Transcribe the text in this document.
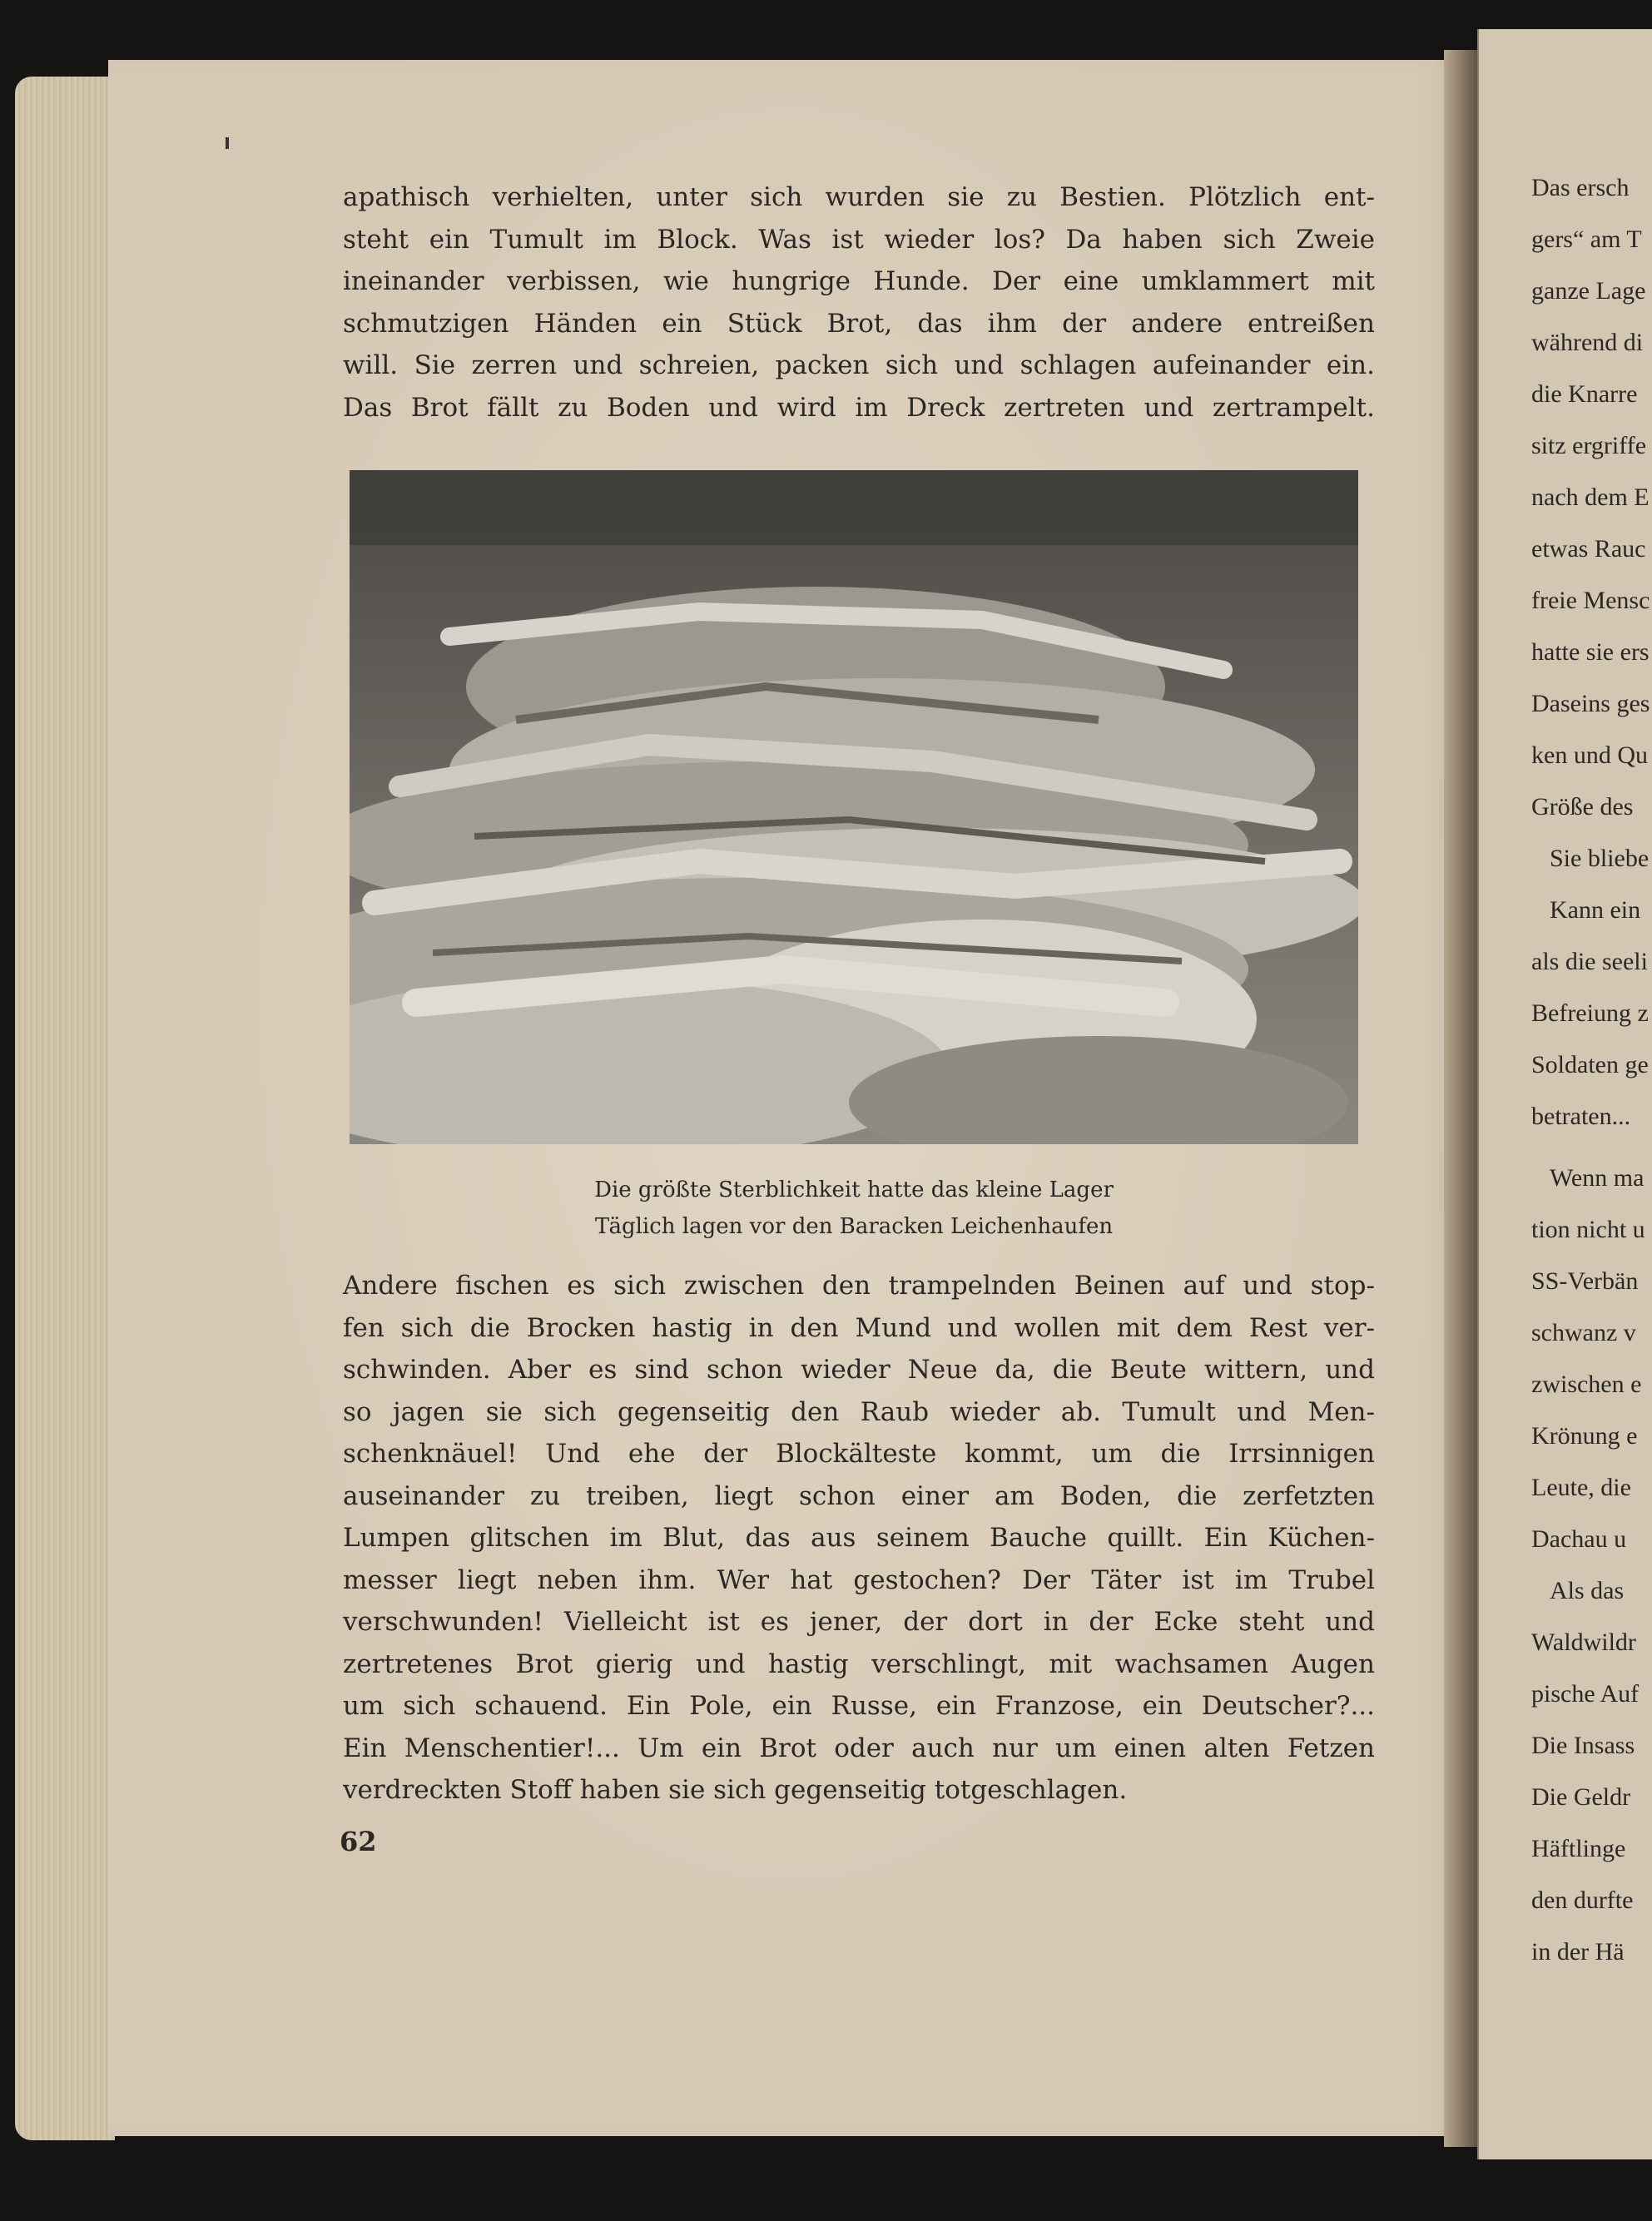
apathisch verhielten, unter sich wurden sie zu Bestien. Plötzlich ent-
steht ein Tumult im Block. Was ist wieder los? Da haben sich Zweie
ineinander verbissen, wie hungrige Hunde. Der eine umklammert mit
schmutzigen Händen ein Stück Brot, das ihm der andere entreißen
will. Sie zerren und schreien, packen sich und schlagen aufeinander ein.
Das Brot fällt zu Boden und wird im Dreck zertreten und zertrampelt.

Die größte Sterblichkeit hatte das kleine Lager
Täglich lagen vor den Baracken Leichenhaufen

Andere fischen es sich zwischen den trampelnden Beinen auf und stop-
fen sich die Brocken hastig in den Mund und wollen mit dem Rest ver-
schwinden. Aber es sind schon wieder Neue da, die Beute wittern, und
so jagen sie sich gegenseitig den Raub wieder ab. Tumult und Men-
schenknäuel! Und ehe der Blockälteste kommt, um die Irrsinnigen
auseinander zu treiben, liegt schon einer am Boden, die zerfetzten
Lumpen glitschen im Blut, das aus seinem Bauche quillt. Ein Küchen-
messer liegt neben ihm. Wer hat gestochen? Der Täter ist im Trubel
verschwunden! Vielleicht ist es jener, der dort in der Ecke steht und
zertretenes Brot gierig und hastig verschlingt, mit wachsamen Augen
um sich schauend. Ein Pole, ein Russe, ein Franzose, ein Deutscher?...
Ein Menschentier!... Um ein Brot oder auch nur um einen alten Fetzen
verdreckten Stoff haben sie sich gegenseitig totgeschlagen.

62
Das ersch
gers“ am T
ganze Lage
während di
die Knarre
sitz ergriffe
nach dem E
etwas Rauc
freie Mensc
hatte sie ers
Daseins ges
ken und Qu
Größe des
Sie bliebe
Kann ein
als die seeli
Befreiung z
Soldaten ge
betraten...
Wenn ma
tion nicht u
SS-Verbän
schwanz v
zwischen e
Krönung e
Leute, die
Dachau u
Als das
Waldwildr
pische Auf
Die Insass
Die Geldr
Häftlinge
den durfte
in der Hä
